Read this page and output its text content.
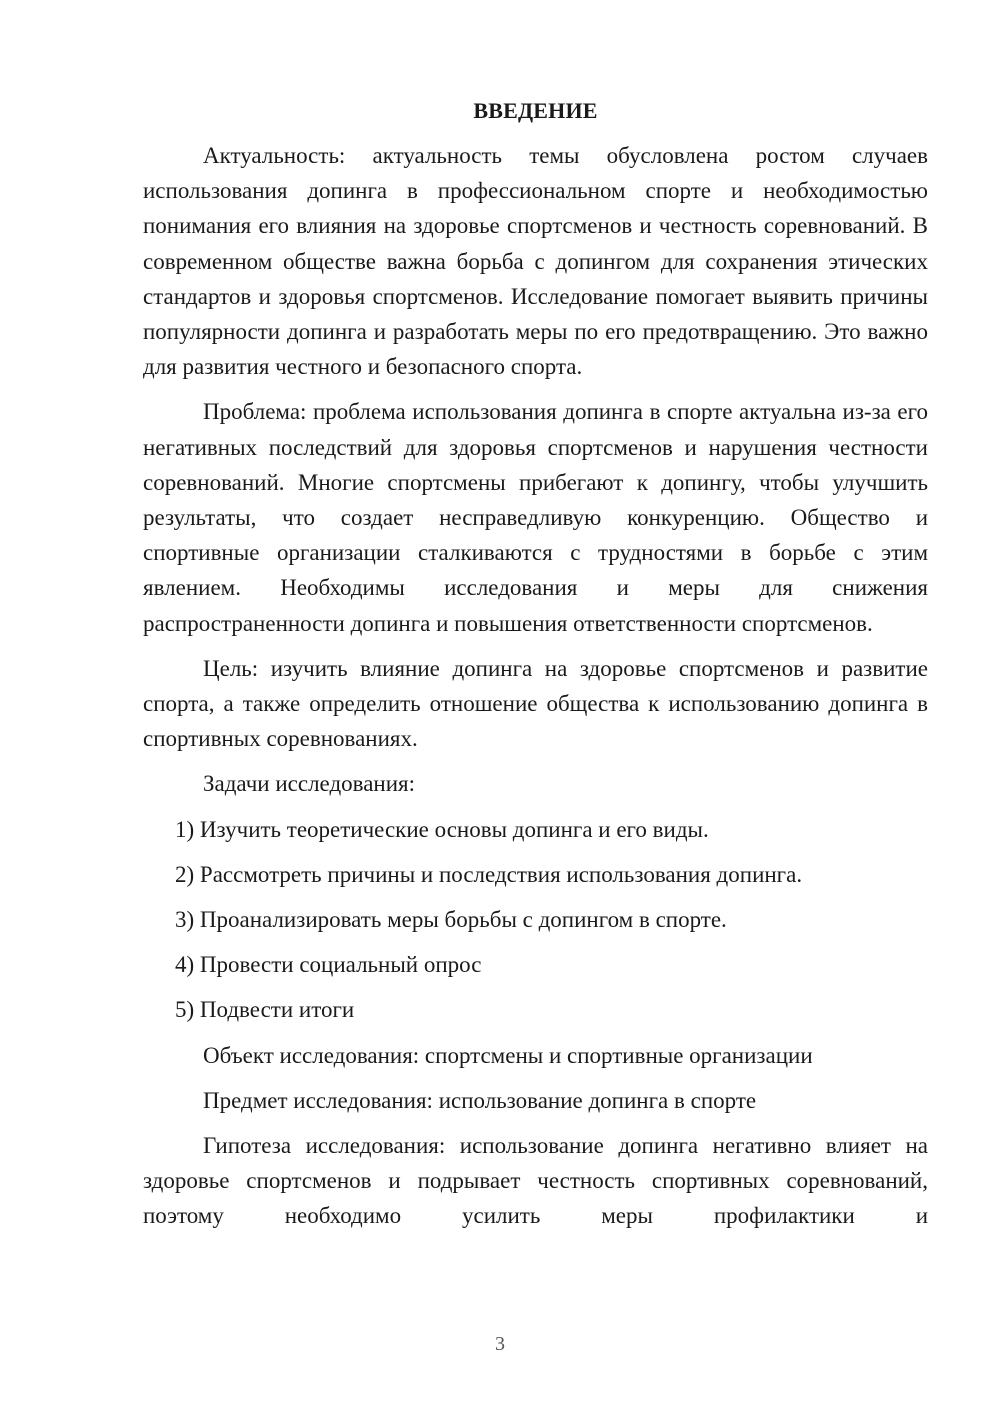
ВВЕДЕНИЕ

Актуальность: актуальность темы обусловлена ростом случаев использования допинга в профессиональном спорте и необходимостью понимания его влияния на здоровье спортсменов и честность соревнований. В современном обществе важна борьба с допингом для сохранения этических стандартов и здоровья спортсменов. Исследование помогает выявить причины популярности допинга и разработать меры по его предотвращению. Это важно для развития честного и безопасного спорта.

Проблема: проблема использования допинга в спорте актуальна из-за его негативных последствий для здоровья спортсменов и нарушения честности соревнований. Многие спортсмены прибегают к допингу, чтобы улучшить результаты, что создает несправедливую конкуренцию. Общество и спортивные организации сталкиваются с трудностями в борьбе с этим явлением. Необходимы исследования и меры для снижения распространенности допинга и повышения ответственности спортсменов.

Цель: изучить влияние допинга на здоровье спортсменов и развитие спорта, а также определить отношение общества к использованию допинга в спортивных соревнованиях.

Задачи исследования:

1) Изучить теоретические основы допинга и его виды.

2) Рассмотреть причины и последствия использования допинга.

3) Проанализировать меры борьбы с допингом в спорте.

4) Провести социальный опрос

5) Подвести итоги

Объект исследования: спортсмены и спортивные организации

Предмет исследования: использование допинга в спорте

Гипотеза исследования: использование допинга негативно влияет на здоровье спортсменов и подрывает честность спортивных соревнований, поэтому необходимо усилить меры профилактики и

3
